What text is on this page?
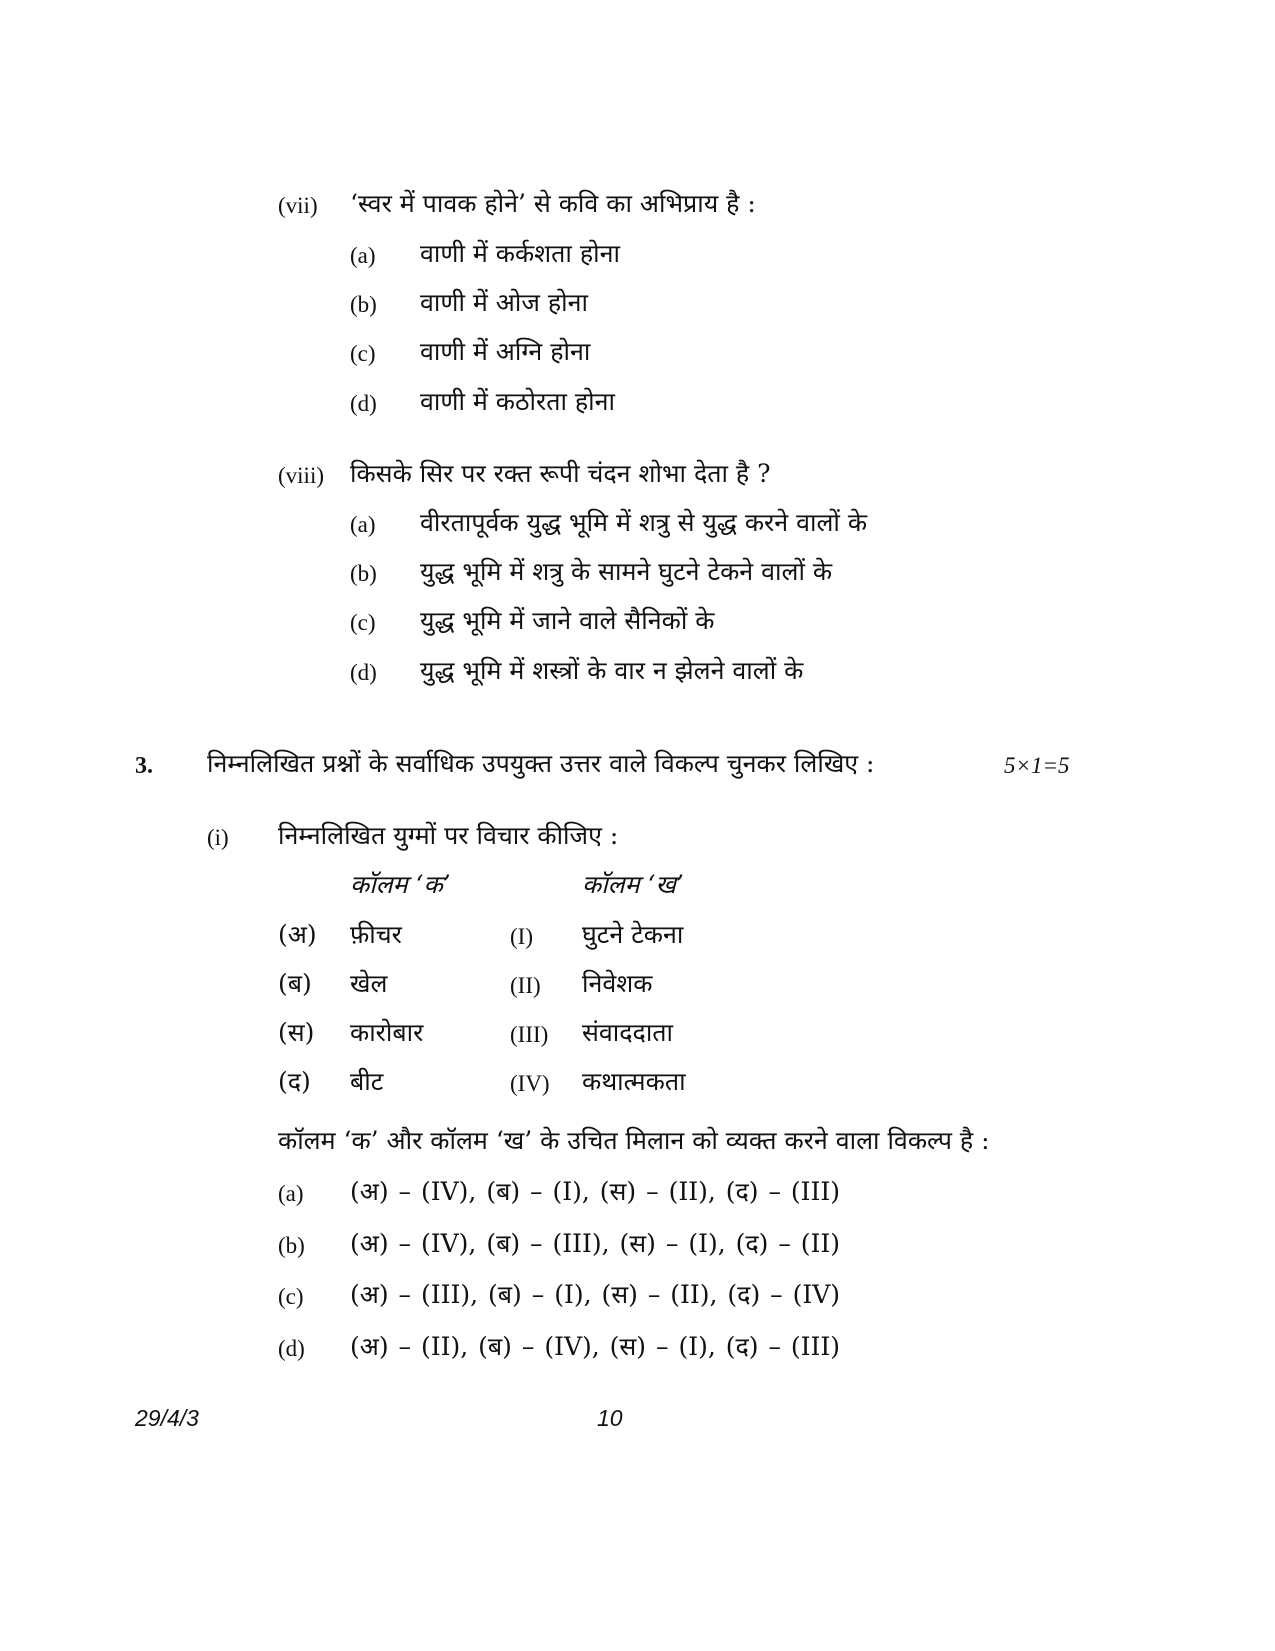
(vii) ‘स्वर में पावक होने’ से कवि का अभिप्राय है :
(a) वाणी में कर्कशता होना
(b) वाणी में ओज होना
(c) वाणी में अग्नि होना
(d) वाणी में कठोरता होना
(viii) किसके सिर पर रक्त रूपी चंदन शोभा देता है ?
(a) वीरतापूर्वक युद्ध भूमि में शत्रु से युद्ध करने वालों के
(b) युद्ध भूमि में शत्रु के सामने घुटने टेकने वालों के
(c) युद्ध भूमि में जाने वाले सैनिकों के
(d) युद्ध भूमि में शस्त्रों के वार न झेलने वालों के
3. निम्नलिखित प्रश्नों के सर्वाधिक उपयुक्त उत्तर वाले विकल्प चुनकर लिखिए :	5×1=5
(i) निम्नलिखित युग्मों पर विचार कीजिए :
कॉलम ‘क’	कॉलम ‘ख’
(अ) फ़ीचर	(I) घुटने टेकना
(ब) खेल	(II) निवेशक
(स) कारोबार	(III) संवाददाता
(द) बीट	(IV) कथात्मकता
कॉलम ‘क’ और कॉलम ‘ख’ के उचित मिलान को व्यक्त करने वाला विकल्प है :
(a) (अ) – (IV), (ब) – (I), (स) – (II), (द) – (III)
(b) (अ) – (IV), (ब) – (III), (स) – (I), (द) – (II)
(c) (अ) – (III), (ब) – (I), (स) – (II), (द) – (IV)
(d) (अ) – (II), (ब) – (IV), (स) – (I), (द) – (III)
29/4/3	10
